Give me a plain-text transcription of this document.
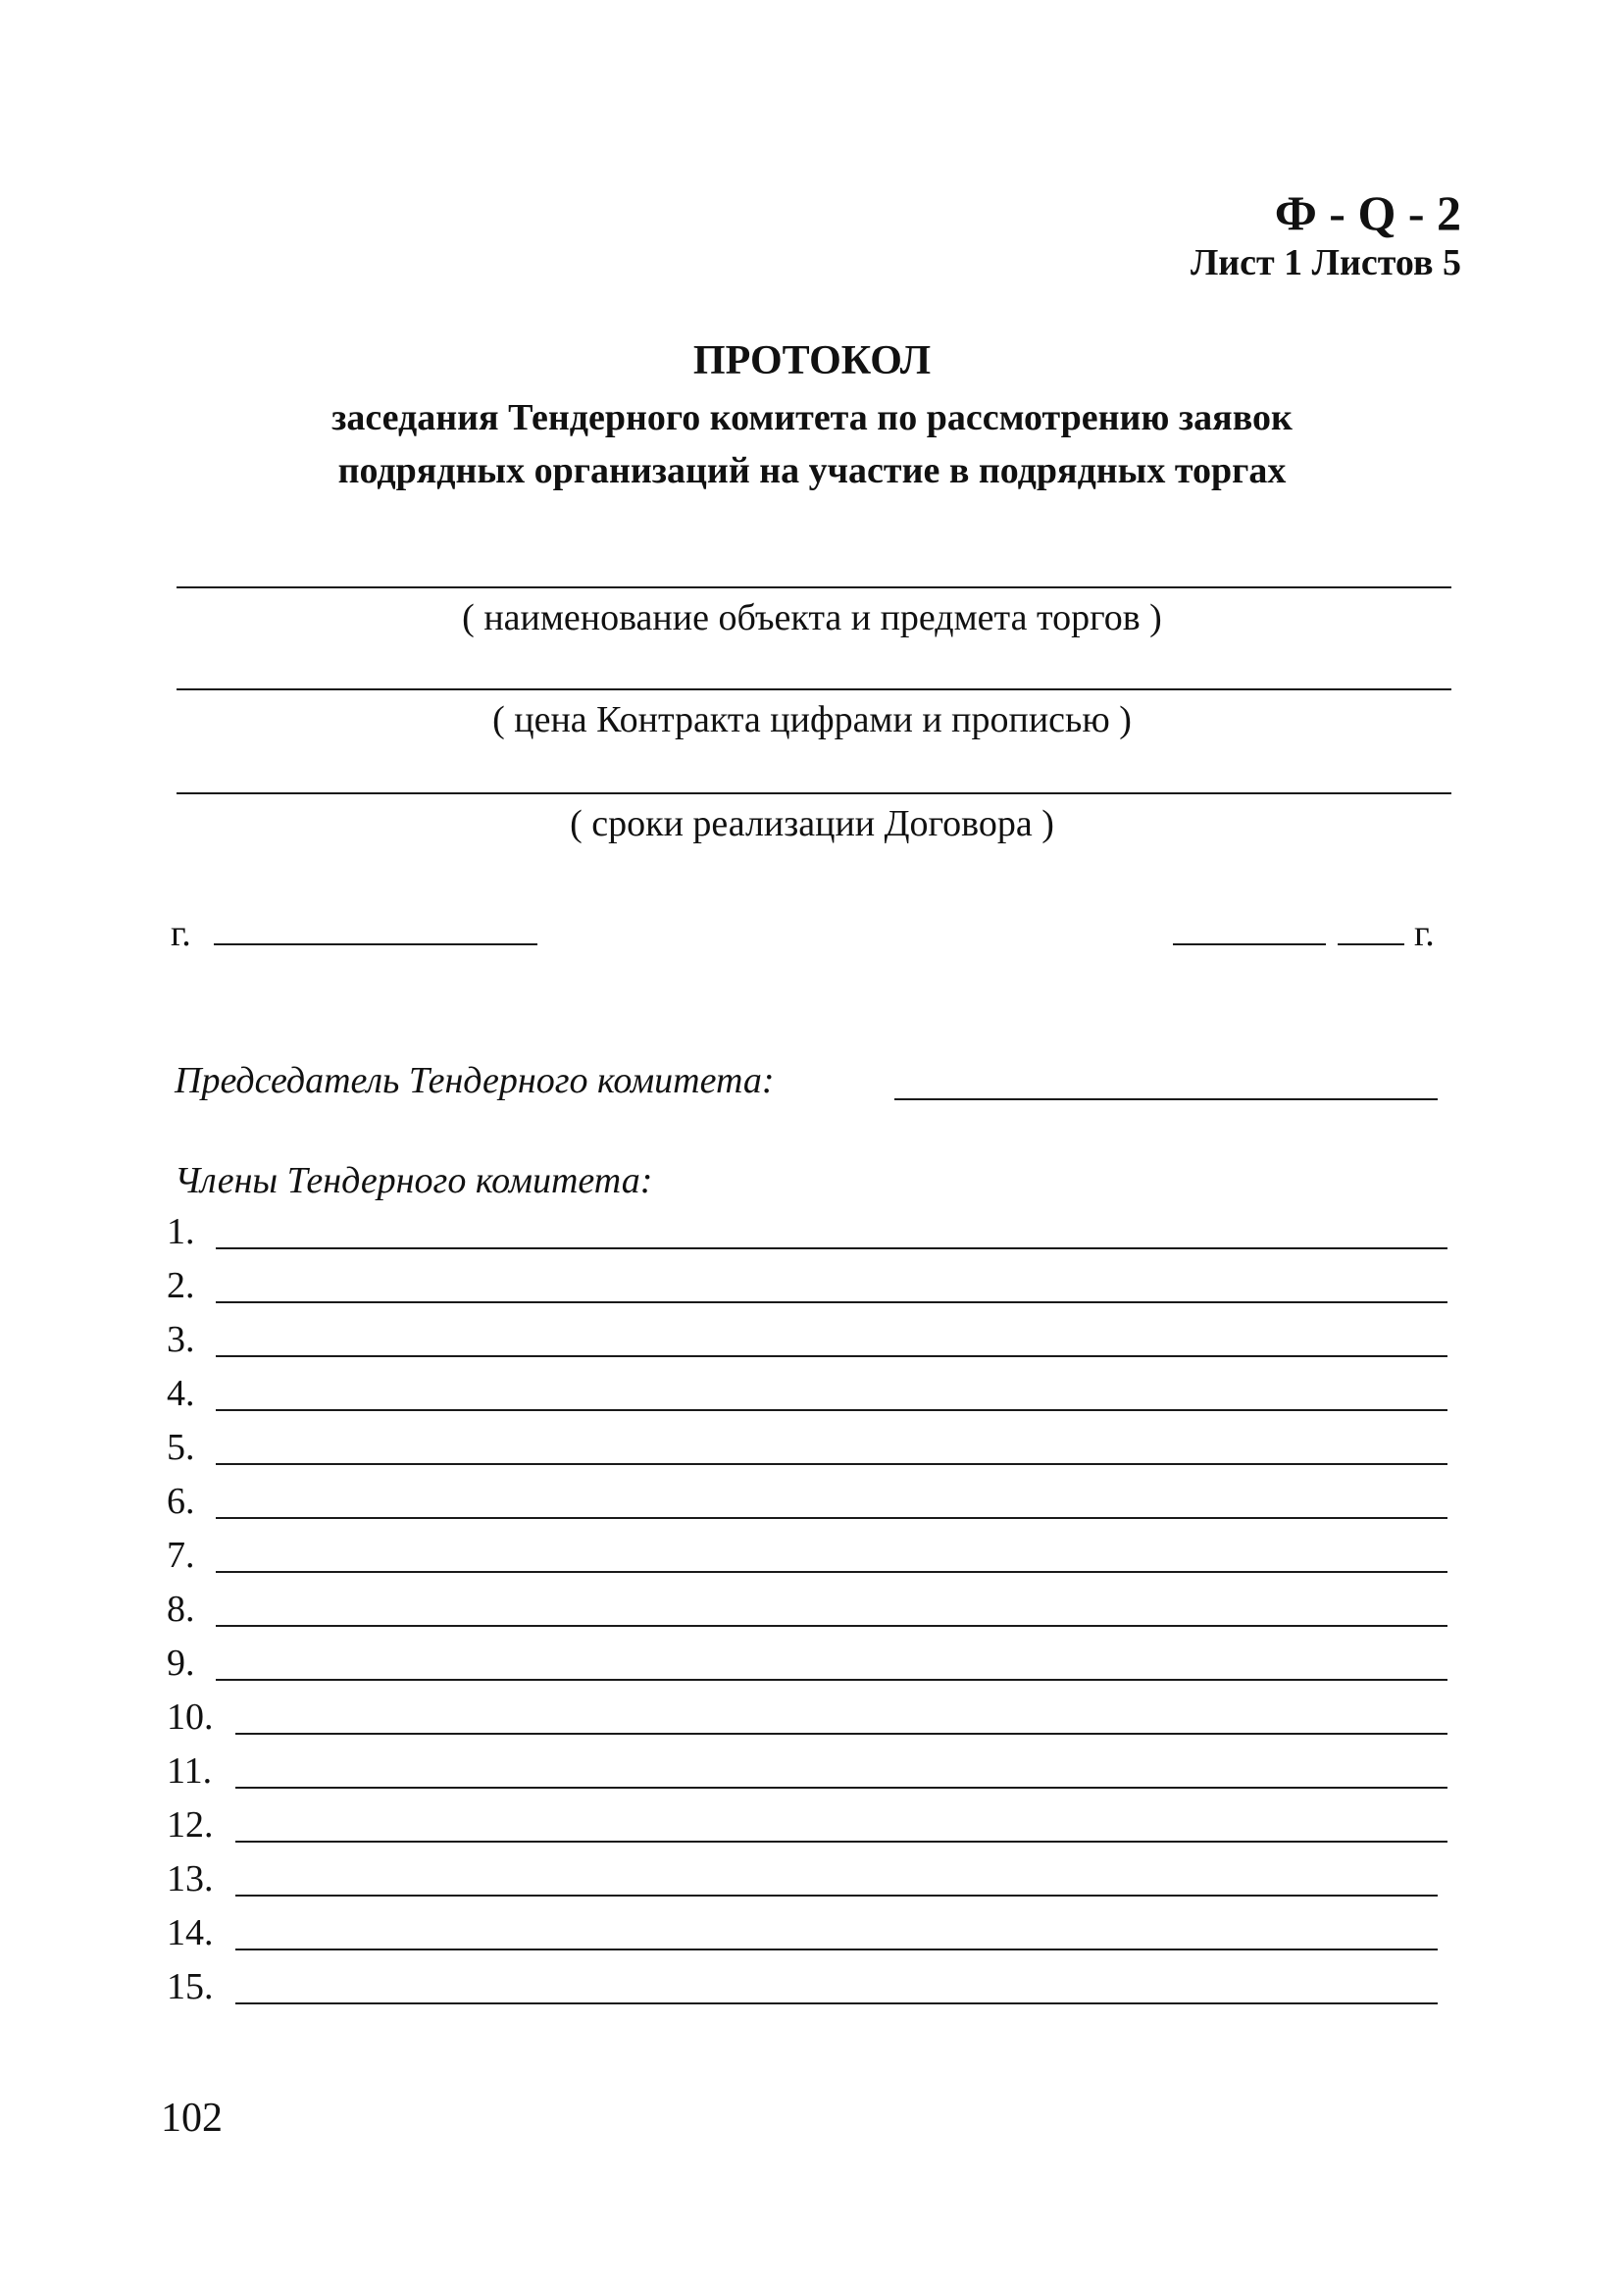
Ф - Q - 2
Лист 1 Листов 5
ПРОТОКОЛ
заседания Тендерного комитета по рассмотрению заявок
подрядных организаций на участие в подрядных торгах
( наименование объекта и предмета торгов )
( цена Контракта цифрами и прописью )
( сроки реализации Договора )
г.	г.
Председатель Тендерного комитета:
Члены Тендерного комитета:
1.
2.
3.
4.
5.
6.
7.
8.
9.
10.
11.
12.
13.
14.
15.
102
